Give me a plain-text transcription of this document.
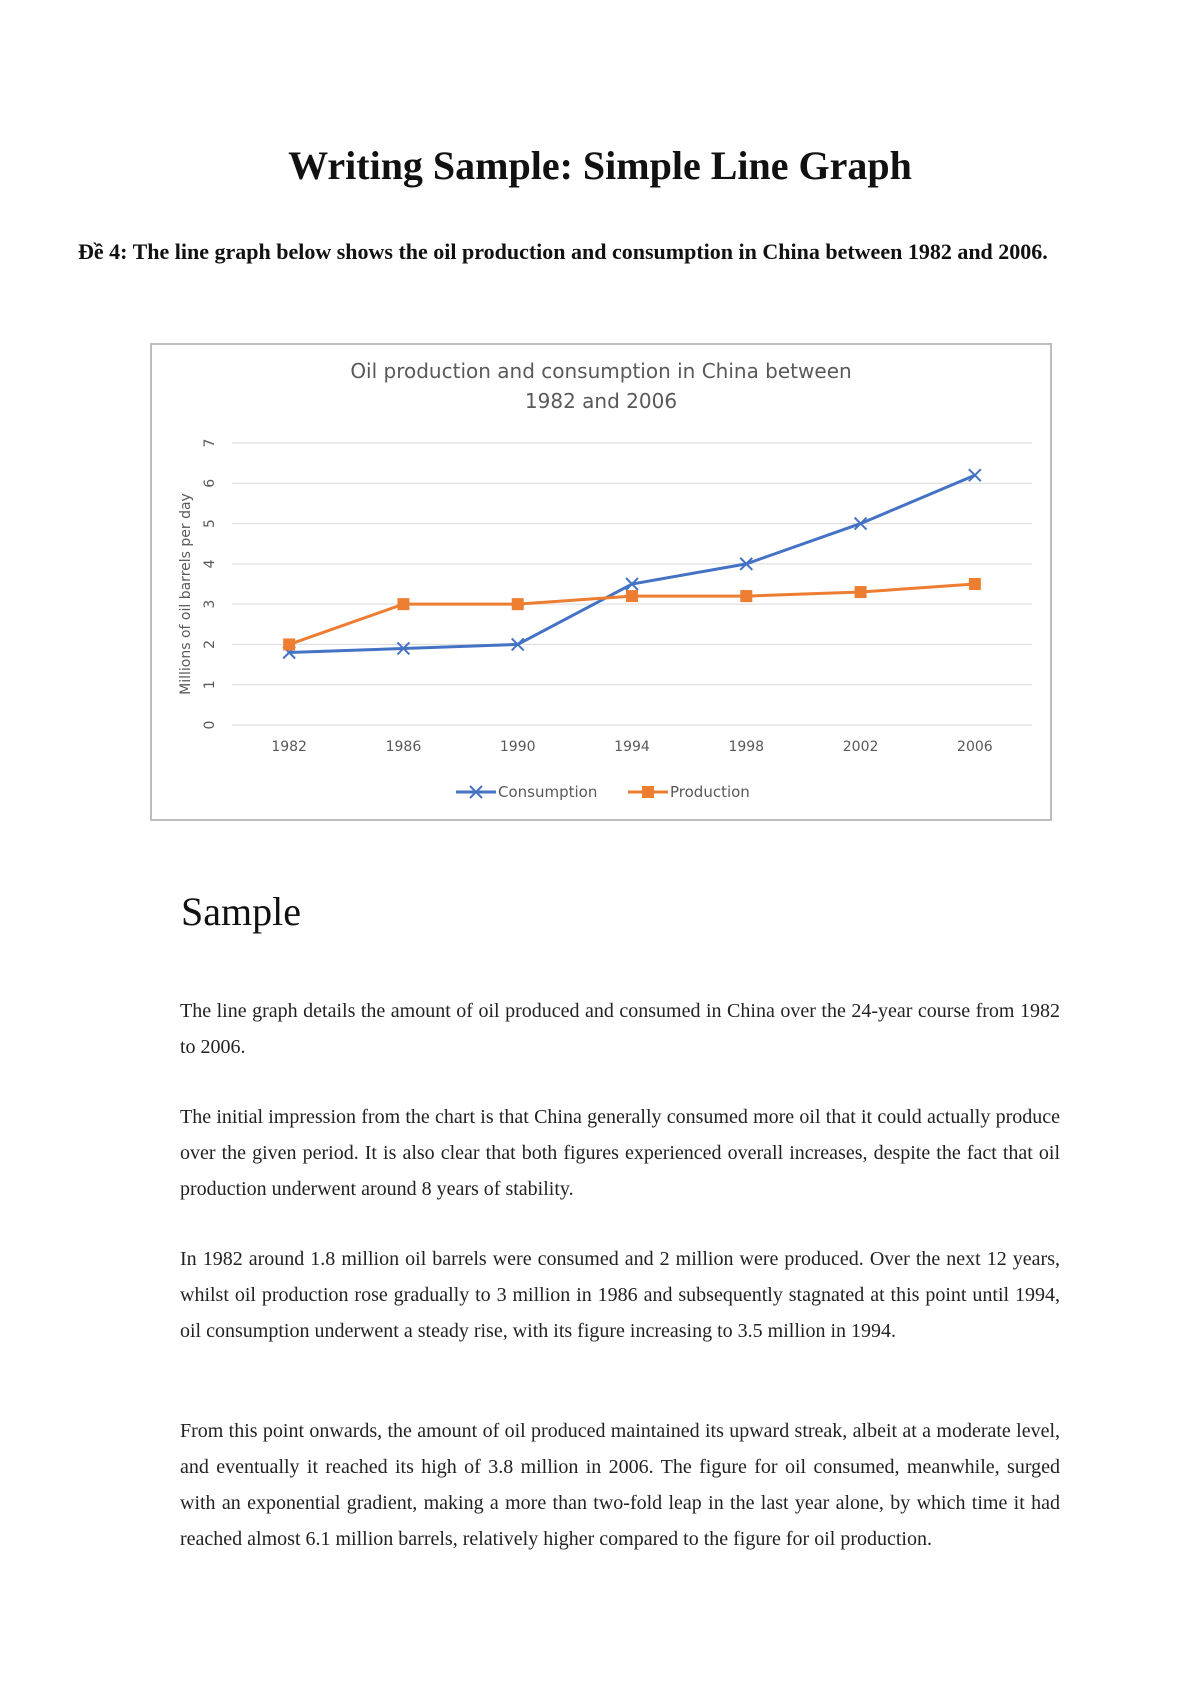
Writing Sample: Simple Line Graph

Đề 4: The line graph below shows the oil production and consumption in China between 1982 and 2006.

0
1
2
3
4
5
6
7
1982	1986	1990	1994	1998	2002	2006
Oil production and consumption in China between
1982 and 2006
Millions of oil barrels per day
Consumption	Production
Sample

The line graph details the amount of oil produced and consumed in China over the 24-year course from 1982 to 2006.

The initial impression from the chart is that China generally consumed more oil that it could actually produce over the given period. It is also clear that both figures experienced overall increases, despite the fact that oil production underwent around 8 years of stability.

In 1982 around 1.8 million oil barrels were consumed and 2 million were produced. Over the next 12 years, whilst oil production rose gradually to 3 million in 1986 and subsequently stagnated at this point until 1994, oil consumption underwent a steady rise, with its figure increasing to 3.5 million in 1994.

From this point onwards, the amount of oil produced maintained its upward streak, albeit at a moderate level, and eventually it reached its high of 3.8 million in 2006. The figure for oil consumed, meanwhile, surged with an exponential gradient, making a more than two-fold leap in the last year alone, by which time it had reached almost 6.1 million barrels, relatively higher compared to the figure for oil production.
